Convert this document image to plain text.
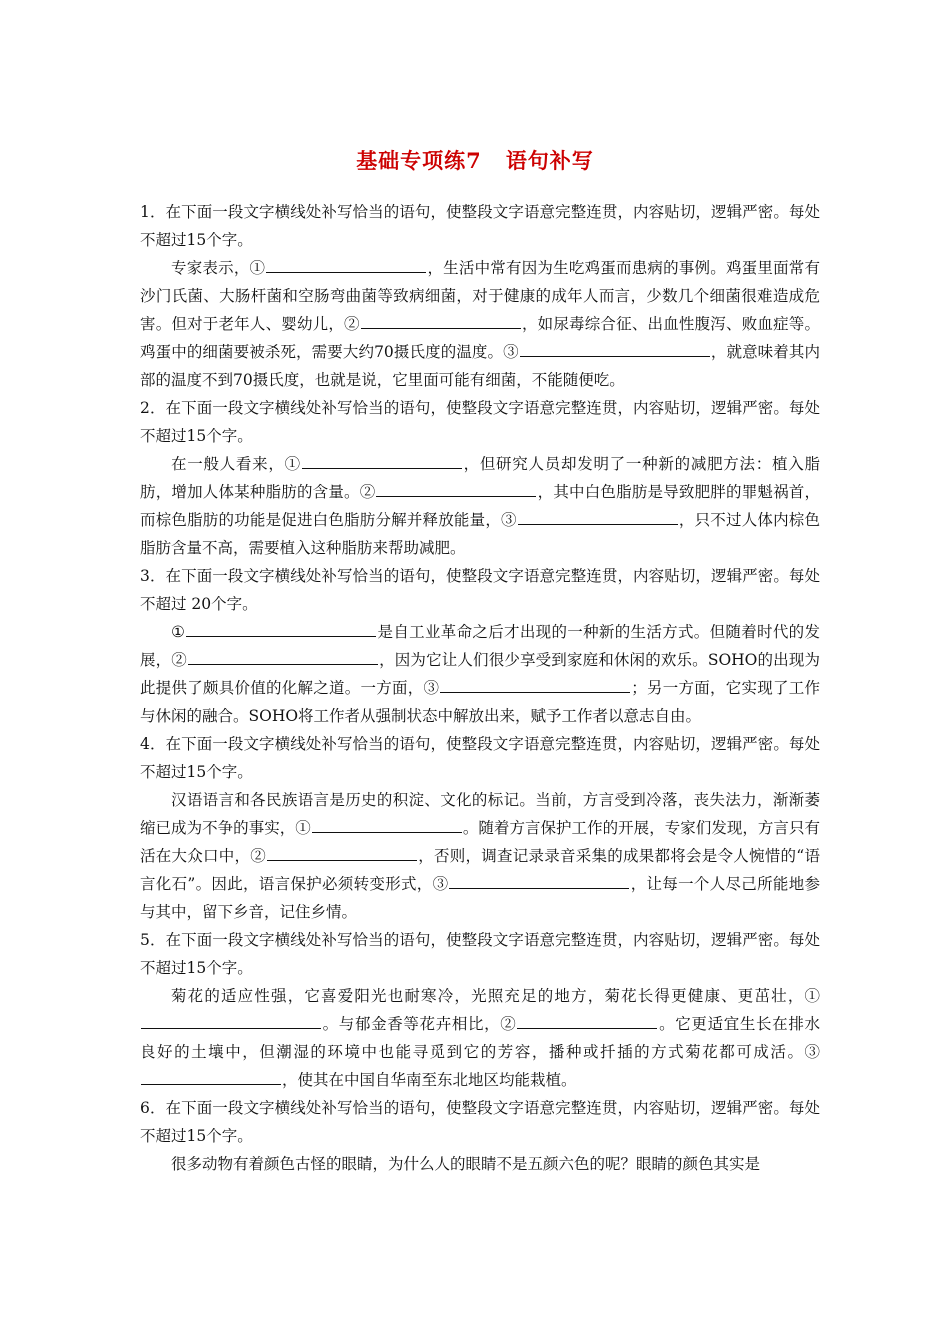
基础专项练7 语句补写

1．在下面一段文字横线处补写恰当的语句，使整段文字语意完整连贯，内容贴切，逻辑严密。每处不超过15个字。

专家表示，①	，生活中常有因为生吃鸡蛋而患病的事例。鸡蛋里面常有沙门氏菌、大肠杆菌和空肠弯曲菌等致病细菌，对于健康的成年人而言，少数几个细菌很难造成危害。但对于老年人、婴幼儿，②	，如尿毒综合征、出血性腹泻、败血症等。鸡蛋中的细菌要被杀死，需要大约70摄氏度的温度。③	，就意味着其内部的温度不到70摄氏度，也就是说，它里面可能有细菌，不能随便吃。

2．在下面一段文字横线处补写恰当的语句，使整段文字语意完整连贯，内容贴切，逻辑严密。每处不超过15个字。

在一般人看来，①	，但研究人员却发明了一种新的减肥方法：植入脂肪，增加人体某种脂肪的含量。②	，其中白色脂肪是导致肥胖的罪魁祸首，而棕色脂肪的功能是促进白色脂肪分解并释放能量，③	，只不过人体内棕色脂肪含量不高，需要植入这种脂肪来帮助减肥。

3．在下面一段文字横线处补写恰当的语句，使整段文字语意完整连贯，内容贴切，逻辑严密。每处不超过 20个字。

①	是自工业革命之后才出现的一种新的生活方式。但随着时代的发展，②	，因为它让人们很少享受到家庭和休闲的欢乐。SOHO的出现为此提供了颇具价值的化解之道。一方面，③	；另一方面，它实现了工作与休闲的融合。SOHO将工作者从强制状态中解放出来，赋予工作者以意志自由。

4．在下面一段文字横线处补写恰当的语句，使整段文字语意完整连贯，内容贴切，逻辑严密。每处不超过15个字。

汉语语言和各民族语言是历史的积淀、文化的标记。当前，方言受到冷落，丧失法力，渐渐萎缩已成为不争的事实，①	。随着方言保护工作的开展，专家们发现，方言只有活在大众口中，②	，否则，调查记录录音采集的成果都将会是令人惋惜的“语言化石”。因此，语言保护必须转变形式，③	，让每一个人尽己所能地参与其中，留下乡音，记住乡情。

5．在下面一段文字横线处补写恰当的语句，使整段文字语意完整连贯，内容贴切，逻辑严密。每处不超过15个字。

菊花的适应性强，它喜爱阳光也耐寒冷，光照充足的地方，菊花长得更健康、更茁壮，①。与郁金香等花卉相比，②	。它更适宜生长在排水良好的土壤中，但潮湿的环境中也能寻觅到它的芳容，播种或扦插的方式菊花都可成活。③，使其在中国自华南至东北地区均能栽植。

6．在下面一段文字横线处补写恰当的语句，使整段文字语意完整连贯，内容贴切，逻辑严密。每处不超过15个字。

很多动物有着颜色古怪的眼睛，为什么人的眼睛不是五颜六色的呢？眼睛的颜色其实是
